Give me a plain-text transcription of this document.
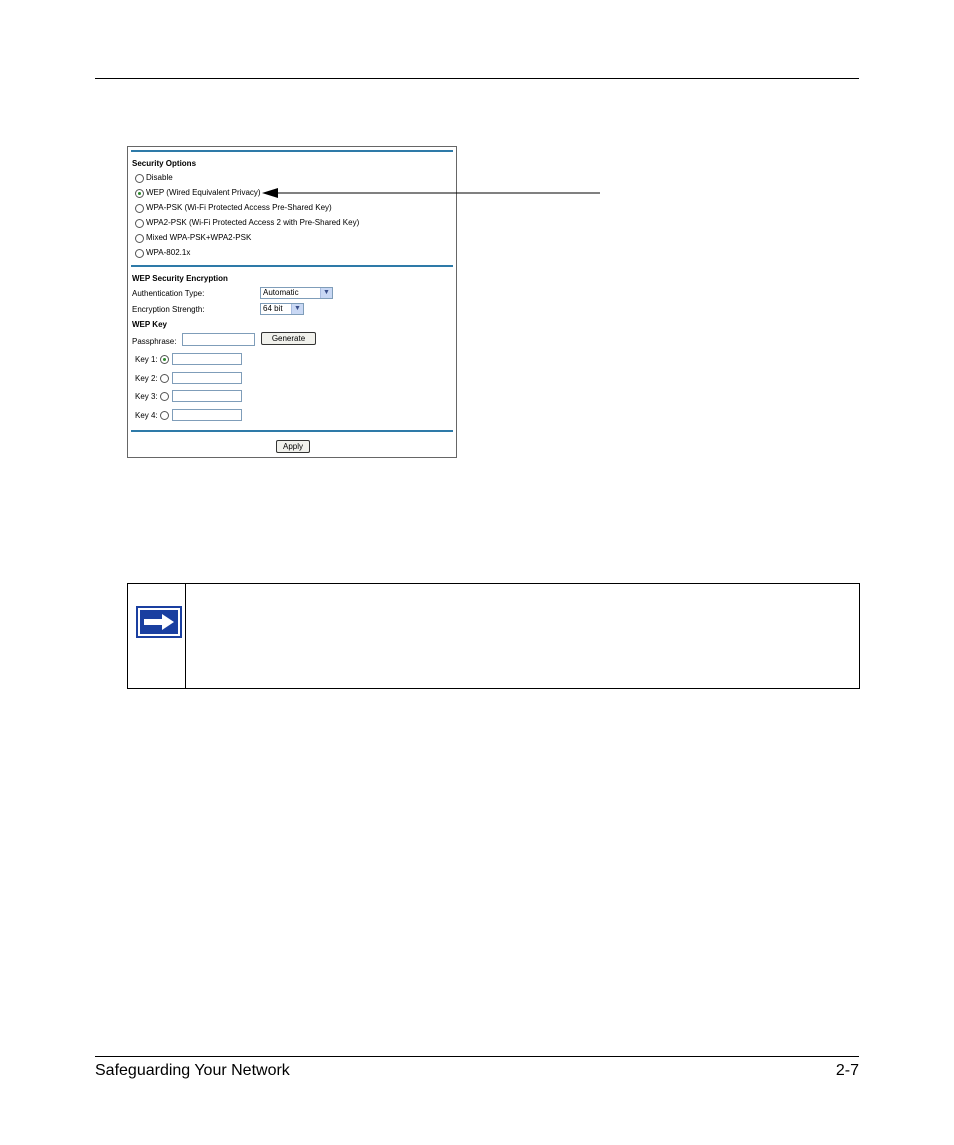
Security Options
Disable
WEP (Wired Equivalent Privacy)
WPA-PSK (Wi-Fi Protected Access Pre-Shared Key)
WPA2-PSK (Wi-Fi Protected Access 2 with Pre-Shared Key)
Mixed WPA-PSK+WPA2-PSK
WPA-802.1x
WEP Security Encryption
Authentication Type:	Automatic	▼
Encryption Strength:	64 bit	▼
WEP Key
Passphrase:	Generate
Key 1:
Key 2:
Key 3:
Key 4:
Apply
Safeguarding Your Network	2-7
